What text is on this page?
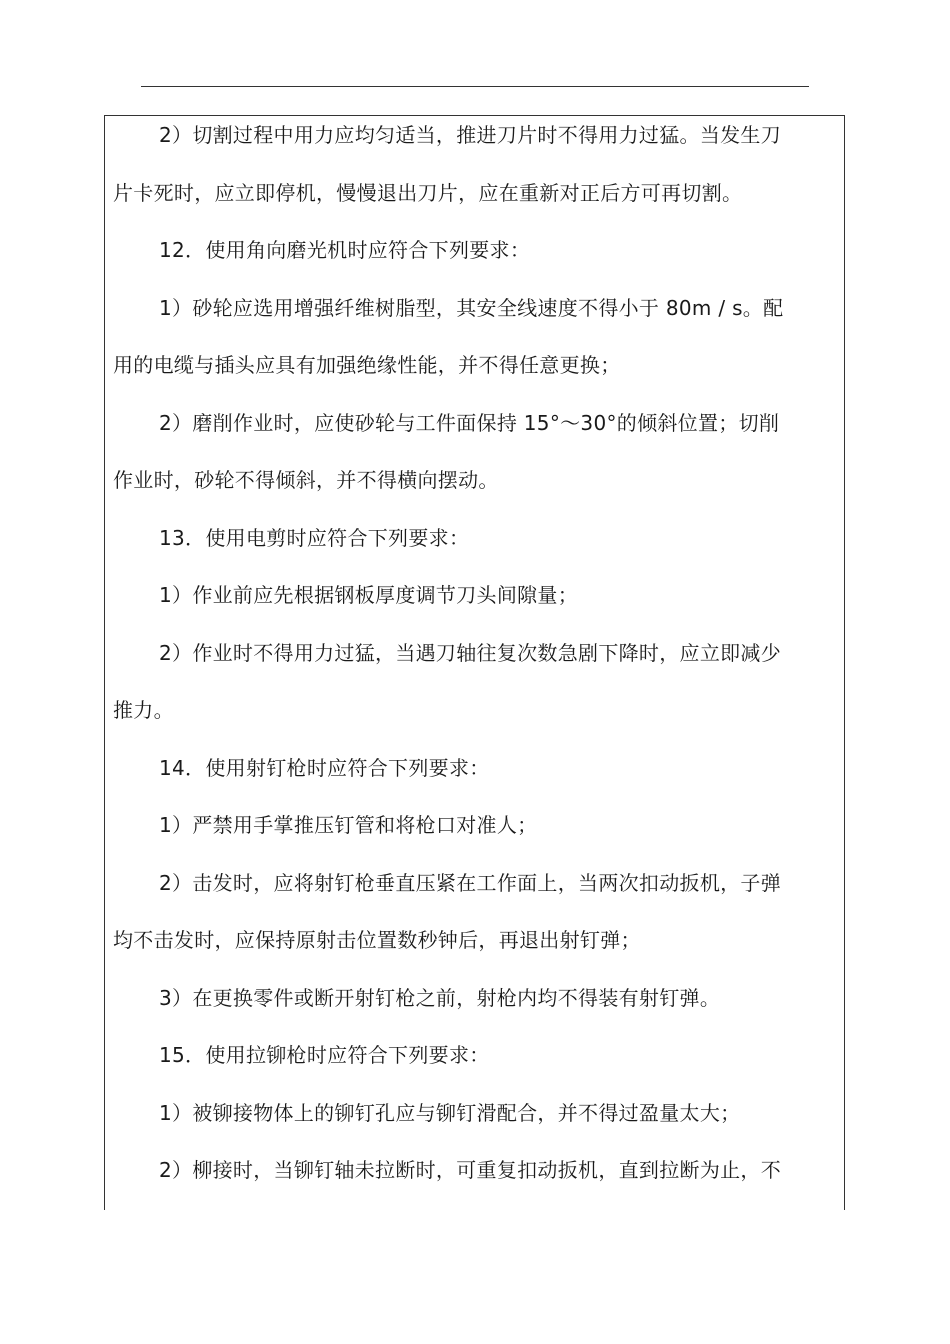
2）切割过程中用力应均匀适当，推进刀片时不得用力过猛。当发生刀

片卡死时，应立即停机，慢慢退出刀片，应在重新对正后方可再切割。

12．使用角向磨光机时应符合下列要求：

1）砂轮应选用增强纤维树脂型，其安全线速度不得小于 80m / s。配

用的电缆与插头应具有加强绝缘性能，并不得任意更换；

2）磨削作业时，应使砂轮与工件面保持 15°～30°的倾斜位置；切削

作业时，砂轮不得倾斜，并不得横向摆动。

13．使用电剪时应符合下列要求：

1）作业前应先根据钢板厚度调节刀头间隙量；

2）作业时不得用力过猛，当遇刀轴往复次数急剧下降时，应立即减少

推力。

14．使用射钉枪时应符合下列要求：

1）严禁用手掌推压钉管和将枪口对准人；

2）击发时，应将射钉枪垂直压紧在工作面上，当两次扣动扳机，子弹

均不击发时，应保持原射击位置数秒钟后，再退出射钉弹；

3）在更换零件或断开射钉枪之前，射枪内均不得装有射钉弹。

15．使用拉铆枪时应符合下列要求：

1）被铆接物体上的铆钉孔应与铆钉滑配合，并不得过盈量太大；

2）柳接时，当铆钉轴未拉断时，可重复扣动扳机，直到拉断为止，不
